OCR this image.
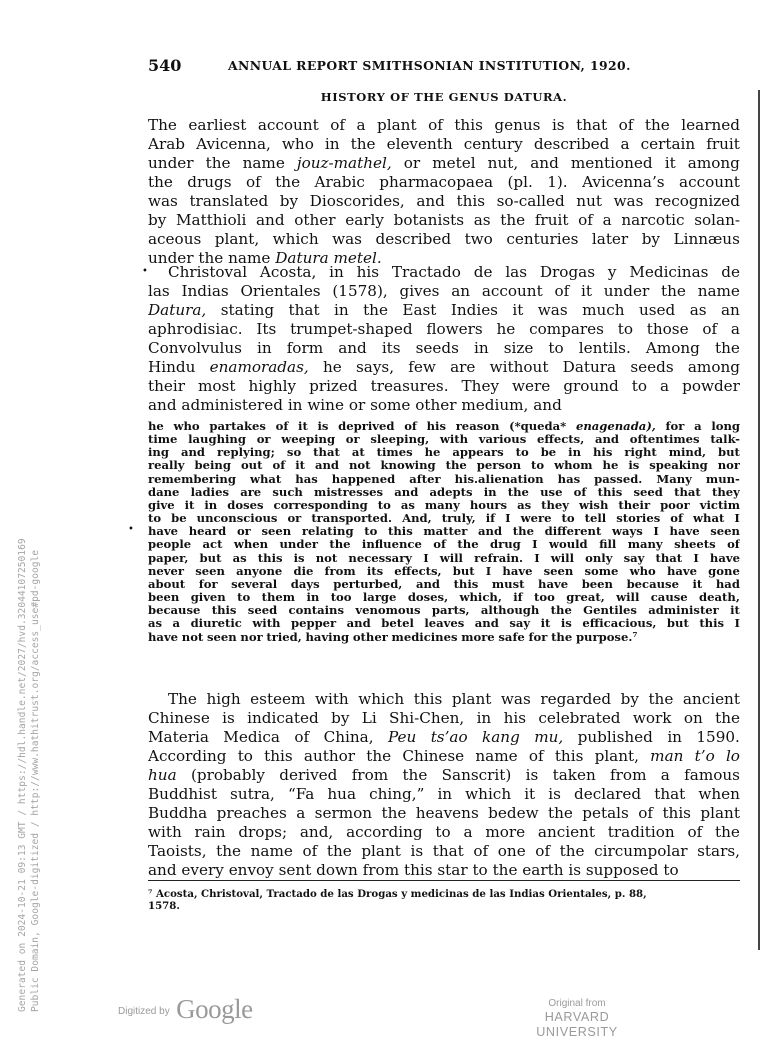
540	ANNUAL REPORT SMITHSONIAN INSTITUTION, 1920.
HISTORY OF THE GENUS DATURA.
The earliest account of a plant of this genus is that of the learned
Arab Avicenna, who in the eleventh century described a certain fruit
under the name jouz-mathel, or metel nut, and mentioned it among
the drugs of the Arabic pharmacopaea (pl. 1). Avicenna’s account
was translated by Dioscorides, and this so-called nut was recognized
by Matthioli and other early botanists as the fruit of a narcotic solan-
aceous plant, which was described two centuries later by Linnæus
under the name Datura metel.
• Christoval Acosta, in his Tractado de las Drogas y Medicinas de
las Indias Orientales (1578), gives an account of it under the name
Datura, stating that in the East Indies it was much used as an
aphrodisiac. Its trumpet-shaped flowers he compares to those of a
Convolvulus in form and its seeds in size to lentils. Among the
Hindu enamoradas, he says, few are without Datura seeds among
their most highly prized treasures. They were ground to a powder
and administered in wine or some other medium, and
•
he who partakes of it is deprived of his reason (*queda* enagenada), for a long
time laughing or weeping or sleeping, with various effects, and oftentimes talk-
ing and replying; so that at times he appears to be in his right mind, but
really being out of it and not knowing the person to whom he is speaking nor
remembering what has happened after his.alienation has passed. Many mun-
dane ladies are such mistresses and adepts in the use of this seed that they
give it in doses corresponding to as many hours as they wish their poor victim
to be unconscious or transported. And, truly, if I were to tell stories of what I
have heard or seen relating to this matter and the different ways I have seen
people act when under the influence of the drug I would fill many sheets of
paper, but as this is not necessary I will refrain. I will only say that I have
never seen anyone die from its effects, but I have seen some who have gone
about for several days perturbed, and this must have been because it had
been given to them in too large doses, which, if too great, will cause death,
because this seed contains venomous parts, although the Gentiles administer it
as a diuretic with pepper and betel leaves and say it is efficacious, but this I
have not seen nor tried, having other medicines more safe for the purpose.⁷
The high esteem with which this plant was regarded by the ancient
Chinese is indicated by Li Shi-Chen, in his celebrated work on the
Materia Medica of China, Peu ts’ao kang mu, published in 1590.
According to this author the Chinese name of this plant, man t’o lo
hua (probably derived from the Sanscrit) is taken from a famous
Buddhist sutra, “Fa hua ching,” in which it is declared that when
Buddha preaches a sermon the heavens bedew the petals of this plant
with rain drops; and, according to a more ancient tradition of the
Taoists, the name of the plant is that of one of the circumpolar stars,
and every envoy sent down from this star to the earth is supposed to
⁷ Acosta, Christoval, Tractado de las Drogas y medicinas de las Indias Orientales, p. 88,
1578.
Generated on 2024-10-21 09:13 GMT / https://hdl.handle.net/2027/hvd.32044107250169 Public Domain, Google-digitized / http://www.hathitrust.org/access_use#pd-google	$^{Digitized by}$ Google	Original from
HARVARD UNIVERSITY
